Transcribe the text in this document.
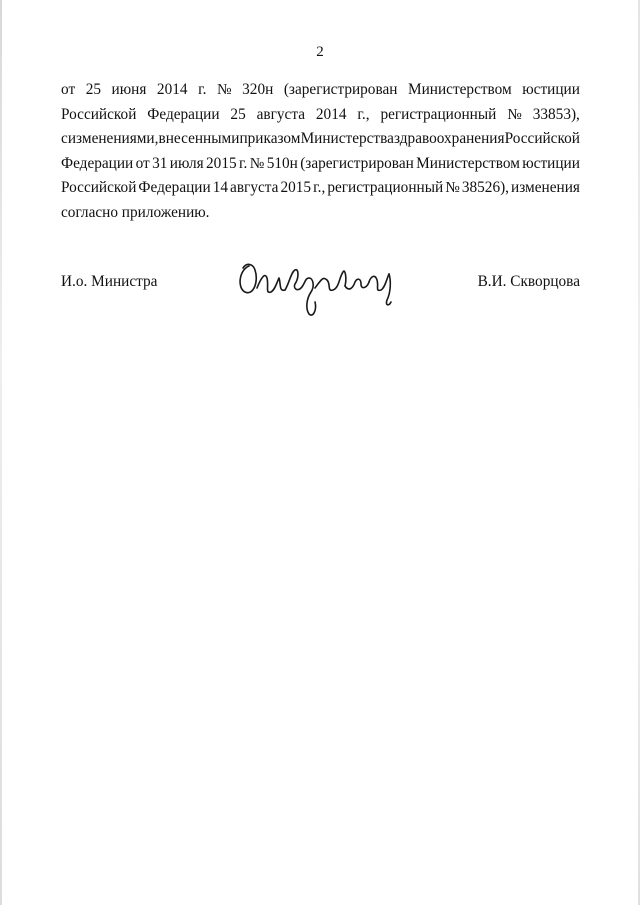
2
от 25 июня 2014 г. № 320н (зарегистрирован Министерством юстиции
Российской Федерации 25 августа 2014 г., регистрационный № 33853),
с изменениями, внесенными приказом Министерства здравоохранения Российской
Федерации от 31 июля 2015 г. № 510н (зарегистрирован Министерством юстиции
Российской Федерации 14 августа 2015 г., регистрационный № 38526), изменения
согласно приложению.
И.о. Министра	В.И. Скворцова
